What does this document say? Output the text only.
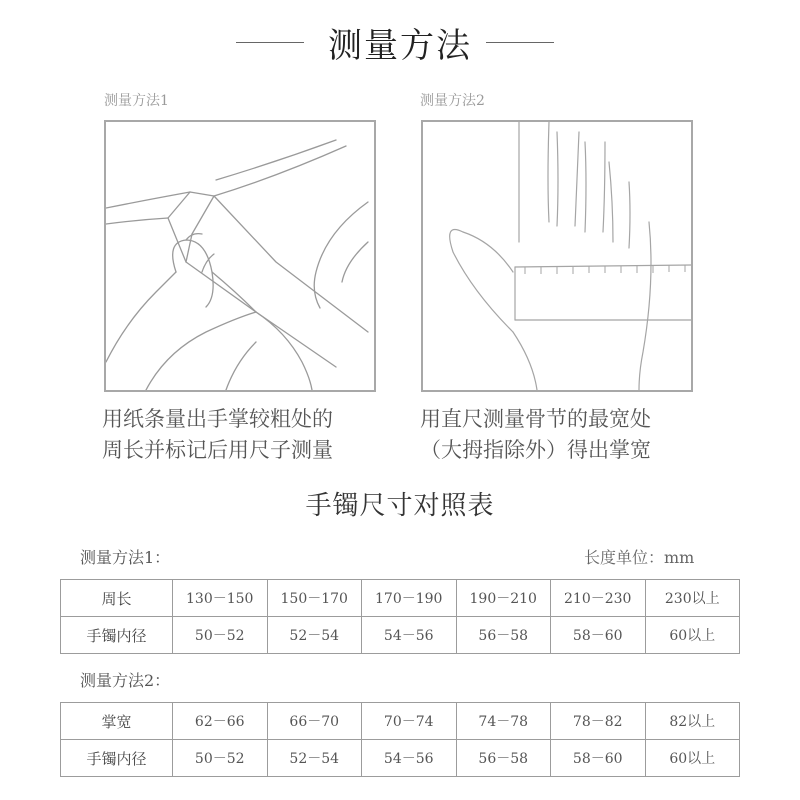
测量方法
测量方法1	测量方法2
用纸条量出手掌较粗处的
周长并标记后用尺子测量
用直尺测量骨节的最宽处
（大拇指除外）得出掌宽
手镯尺寸对照表
测量方法1：	长度单位：mm
周长	130－150	150－170	170－190	190－210	210－230	230以上
手镯内径	50－52	52－54	54－56	56－58	58－60	60以上
测量方法2：
掌宽	62－66	66－70	70－74	74－78	78－82	82以上
手镯内径	50－52	52－54	54－56	56－58	58－60	60以上
